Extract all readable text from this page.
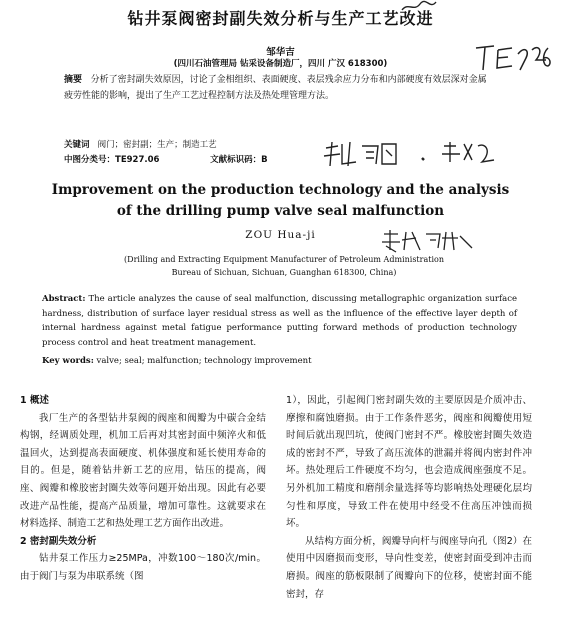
钻井泵阀密封副失效分析与生产工艺改进
邹华吉
(四川石油管理局 钻采设备制造厂，四川 广汉 618300)
摘要 分析了密封副失效原因，讨论了金相组织、表面硬度、表层残余应力分布和内部硬度有效层深对金属疲劳性能的影响，提出了生产工艺过程控制方法及热处理管理方法。
关键词 阀门；密封副；生产；制造工艺
中图分类号：TE927.06	文献标识码：B
Improvement on the production technology and the analysis
of the drilling pump valve seal malfunction
ZOU Hua-ji
(Drilling and Extracting Equipment Manufacturer of Petroleum Administration
Bureau of Sichuan, Sichuan, Guanghan 618300, China)
Abstract: The article analyzes the cause of seal malfunction, discussing metallographic organization surface hardness, distribution of surface layer residual stress as well as the influence of the effective layer depth of internal hardness against metal fatigue performance putting forward methods of production technology process control and heat treatment management.
Key words: valve; seal; malfunction; technology improvement

1 概述

我厂生产的各型钻井泵阀的阀座和阀瓣为中碳合金结构钢，经调质处理，机加工后再对其密封面中频淬火和低温回火，达到提高表面硬度、机体强度和延长使用寿命的目的。但是，随着钻井新工艺的应用，钻压的提高，阀座、阀瓣和橡胶密封圈失效等问题开始出现。因此有必要改进产品性能，提高产品质量，增加可靠性。这就要求在材料选择、制造工艺和热处理工艺方面作出改进。

2 密封副失效分析

钻井泵工作压力≥25MPa，冲数100～180次/min。由于阀门与泵为串联系统（图

1），因此，引起阀门密封副失效的主要原因是介质冲击、摩擦和腐蚀磨损。由于工作条件恶劣，阀座和阀瓣使用短时间后就出现凹坑，使阀门密封不严。橡胶密封圈失效造成的密封不严，导致了高压流体的泄漏并将阀内密封件冲坏。热处理后工件硬度不均匀，也会造成阀座强度不足。另外机加工精度和磨削余量选择等均影响热处理硬化层均匀性和厚度，导致工件在使用中经受不住高压冲蚀而损坏。

从结构方面分析，阀瓣导向杆与阀座导向孔（图2）在使用中因磨损而变形，导向性变差，使密封面受到冲击而磨损。阀座的筋板限制了阀瓣向下的位移，使密封面不能密封，存
